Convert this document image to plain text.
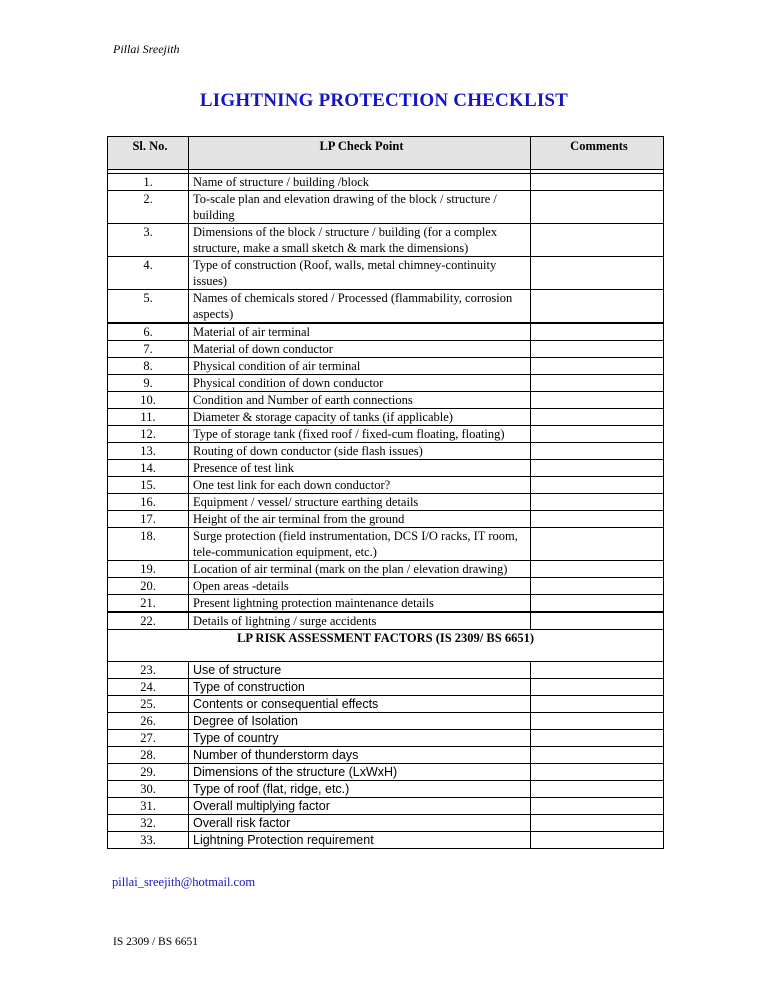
Pillai Sreejith
LIGHTNING PROTECTION CHECKLIST
Sl. No.	LP Check Point	Comments

1.	Name of structure / building /block	
2.	To-scale plan and elevation drawing of the block / structure / building	
3.	Dimensions of the block / structure / building (for a complex structure, make a small sketch & mark the dimensions)	
4.	Type of construction (Roof, walls, metal chimney-continuity issues)	
5.	Names of chemicals stored / Processed (flammability, corrosion aspects)	
6.	Material of air terminal	
7.	Material of down conductor	
8.	Physical condition of air terminal	
9.	Physical condition of down conductor	
10.	Condition and Number of earth connections	
11.	Diameter & storage capacity of tanks (if applicable)	
12.	Type of storage tank (fixed roof / fixed-cum floating, floating)	
13.	Routing of down conductor (side flash issues)	
14.	Presence of test link	
15.	One test link for each down conductor?	
16.	Equipment / vessel/ structure earthing details	
17.	Height of the air terminal from the ground	
18.	Surge protection (field instrumentation, DCS I/O racks, IT room, tele-communication equipment, etc.)	
19.	Location of air terminal (mark on the plan / elevation drawing)	
20.	Open areas -details	
21.	Present lightning protection maintenance details	
22.	Details of lightning / surge accidents	
LP RISK ASSESSMENT FACTORS (IS 2309/ BS 6651)		
23.	Use of structure	
24.	Type of construction	
25.	Contents or consequential effects	
26.	Degree of Isolation	
27.	Type of country	
28.	Number of thunderstorm days	
29.	Dimensions of the structure (LxWxH)	
30.	Type of roof (flat, ridge, etc.)	
31.	Overall multiplying factor	
32.	Overall risk factor	
33.	Lightning Protection requirement	
pillai_sreejith@hotmail.com
IS 2309 / BS 6651
